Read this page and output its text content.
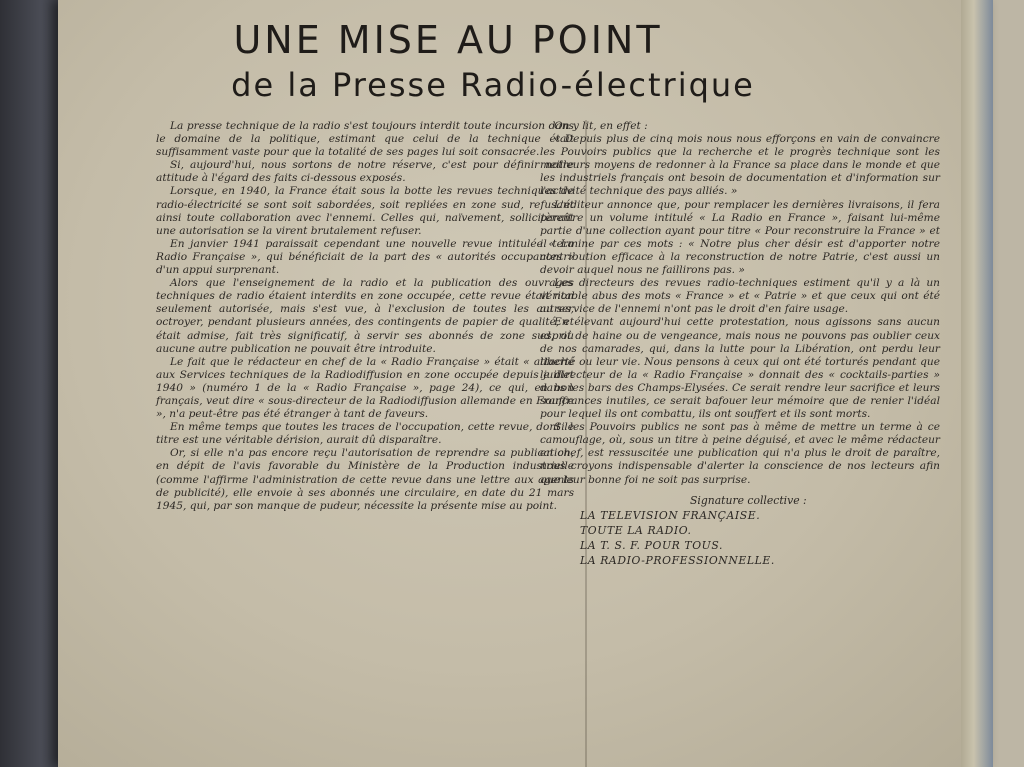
UNE MISE AU POINT
de la Presse Radio-électrique

La presse technique de la radio s'est toujours interdit toute incursion dans le domaine de la politique, estimant que celui de la technique était suffisamment vaste pour que la totalité de ses pages lui soit consacrée.

Si, aujourd'hui, nous sortons de notre réserve, c'est pour définir notre attitude à l'égard des faits ci-dessous exposés.

Lorsque, en 1940, la France était sous la botte les revues techniques de radio-électricité se sont soit sabordées, soit repliées en zone sud, refusant ainsi toute collaboration avec l'ennemi. Celles qui, naïvement, sollicitèrent une autorisation se la virent brutalement refuser.

En janvier 1941 paraissait cependant une nouvelle revue intitulée « La Radio Française », qui bénéficiait de la part des « autorités occupantes » d'un appui surprenant.

Alors que l'enseignement de la radio et la publication des ouvrages techniques de radio étaient interdits en zone occupée, cette revue était non seulement autorisée, mais s'est vue, à l'exclusion de toutes les autres, octroyer, pendant plusieurs années, des contingents de papier de qualité, et était admise, fait très significatif, à servir ses abonnés de zone sud, où aucune autre publication ne pouvait être introduite.

Le fait que le rédacteur en chef de la « Radio Française » était « attaché aux Services techniques de la Radiodiffusion en zone occupée depuis juillet 1940 » (numéro 1 de la « Radio Française », page 24), ce qui, en bon français, veut dire « sous-directeur de la Radiodiffusion allemande en France », n'a peut-être pas été étranger à tant de faveurs.

En même temps que toutes les traces de l'occupation, cette revue, dont le titre est une véritable dérision, aurait dû disparaître.

Or, si elle n'a pas encore reçu l'autorisation de reprendre sa publication, en dépit de l'avis favorable du Ministère de la Production industrielle (comme l'affirme l'administration de cette revue dans une lettre aux agents de publicité), elle envoie à ses abonnés une circulaire, en date du 21 mars 1945, qui, par son manque de pudeur, nécessite la présente mise au point.

On y lit, en effet :

« Depuis plus de cinq mois nous nous efforçons en vain de convaincre les Pouvoirs publics que la recherche et le progrès technique sont les meilleurs moyens de redonner à la France sa place dans le monde et que les industriels français ont besoin de documentation et d'information sur l'activité technique des pays alliés. »

L'éditeur annonce que, pour remplacer les dernières livraisons, il fera paraître un volume intitulé « La Radio en France », faisant lui-même partie d'une collection ayant pour titre « Pour reconstruire la France » et il termine par ces mots : « Notre plus cher désir est d'apporter notre contribution efficace à la reconstruction de notre Patrie, c'est aussi un devoir auquel nous ne faillirons pas. »

Les directeurs des revues radio-techniques estiment qu'il y a là un véritable abus des mots « France » et « Patrie » et que ceux qui ont été au service de l'ennemi n'ont pas le droit d'en faire usage.

En élevant aujourd'hui cette protestation, nous agissons sans aucun esprit de haine ou de vengeance, mais nous ne pouvons pas oublier ceux de nos camarades, qui, dans la lutte pour la Libération, ont perdu leur liberté ou leur vie. Nous pensons à ceux qui ont été torturés pendant que le directeur de la « Radio Française » donnait des « cocktails-parties » dans les bars des Champs-Elysées. Ce serait rendre leur sacrifice et leurs souffrances inutiles, ce serait bafouer leur mémoire que de renier l'idéal pour lequel ils ont combattu, ils ont souffert et ils sont morts.

Si les Pouvoirs publics ne sont pas à même de mettre un terme à ce camouflage, où, sous un titre à peine déguisé, et avec le même rédacteur en chef, est ressuscitée une publication qui n'a plus le droit de paraître, nous croyons indispensable d'alerter la conscience de nos lecteurs afin que leur bonne foi ne soit pas surprise.

Signature collective :
LA TELEVISION FRANÇAISE.
TOUTE LA RADIO.
LA T. S. F. POUR TOUS.
LA RADIO-PROFESSIONNELLE.
